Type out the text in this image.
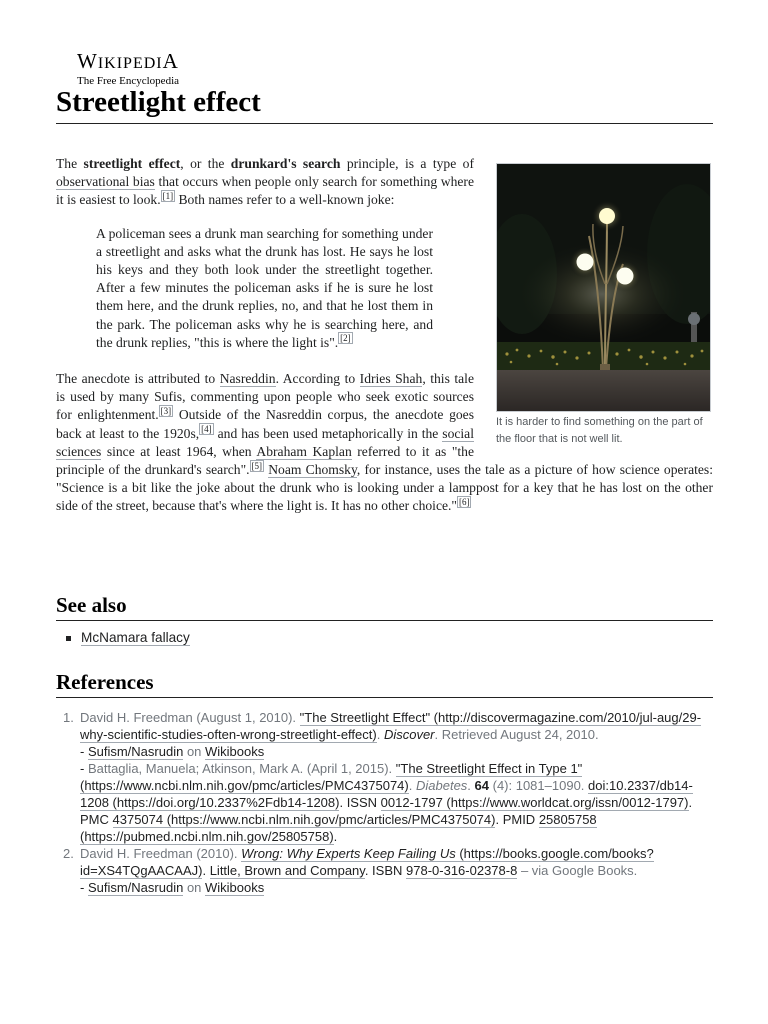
WIKIPEDIA
The Free Encyclopedia
Streetlight effect
It is harder to find something on the part of the floor that is not well lit.

The streetlight effect, or the drunkard's search principle, is a type of observational bias that occurs when people only search for something where it is easiest to look. [1] Both names refer to a well-known joke:

A policeman sees a drunk man searching for something under a streetlight and asks what the drunk has lost. He says he lost his keys and they both look under the streetlight together. After a few minutes the policeman asks if he is sure he lost them here, and the drunk replies, no, and that he lost them in the park. The policeman asks why he is searching here, and the drunk replies, "this is where the light is". [2]

The anecdote is attributed to Nasreddin. According to Idries Shah, this tale is used by many Sufis, commenting upon people who seek exotic sources for enlightenment. [3] Outside of the Nasreddin corpus, the anecdote goes back at least to the 1920s, [4] and has been used metaphorically in the social sciences since at least 1964, when Abraham Kaplan referred to it as "the principle of the drunkard's search". [5] Noam Chomsky, for instance, uses the tale as a picture of how science operates: "Science is a bit like the joke about the drunk who is looking under a lamppost for a key that he has lost on the other side of the street, because that's where the light is. It has no other choice." [6]

See also
McNamara fallacy
References
1. David H. Freedman (August 1, 2010). "The Streetlight Effect" (http://discovermagazine.com/2010/jul-aug/29-why-scientific-studies-often-wrong-streetlight-effect). Discover. Retrieved August 24, 2010.
- Sufism/Nasrudin on Wikibooks
- Battaglia, Manuela; Atkinson, Mark A. (April 1, 2015). "The Streetlight Effect in Type 1" (https://www.ncbi.nlm.nih.gov/pmc/articles/PMC4375074). Diabetes. 64 (4): 1081–1090. doi:10.2337/db14-1208 (https://doi.org/10.2337%2Fdb14-1208). ISSN 0012-1797 (https://www.worldcat.org/issn/0012-1797). PMC 4375074 (https://www.ncbi.nlm.nih.gov/pmc/articles/PMC4375074). PMID 25805758 (https://pubmed.ncbi.nlm.nih.gov/25805758).
2. David H. Freedman (2010). Wrong: Why Experts Keep Failing Us (https://books.google.com/books?id=XS4TQgAACAAJ). Little, Brown and Company. ISBN 978-0-316-02378-8 – via Google Books.
- Sufism/Nasrudin on Wikibooks
